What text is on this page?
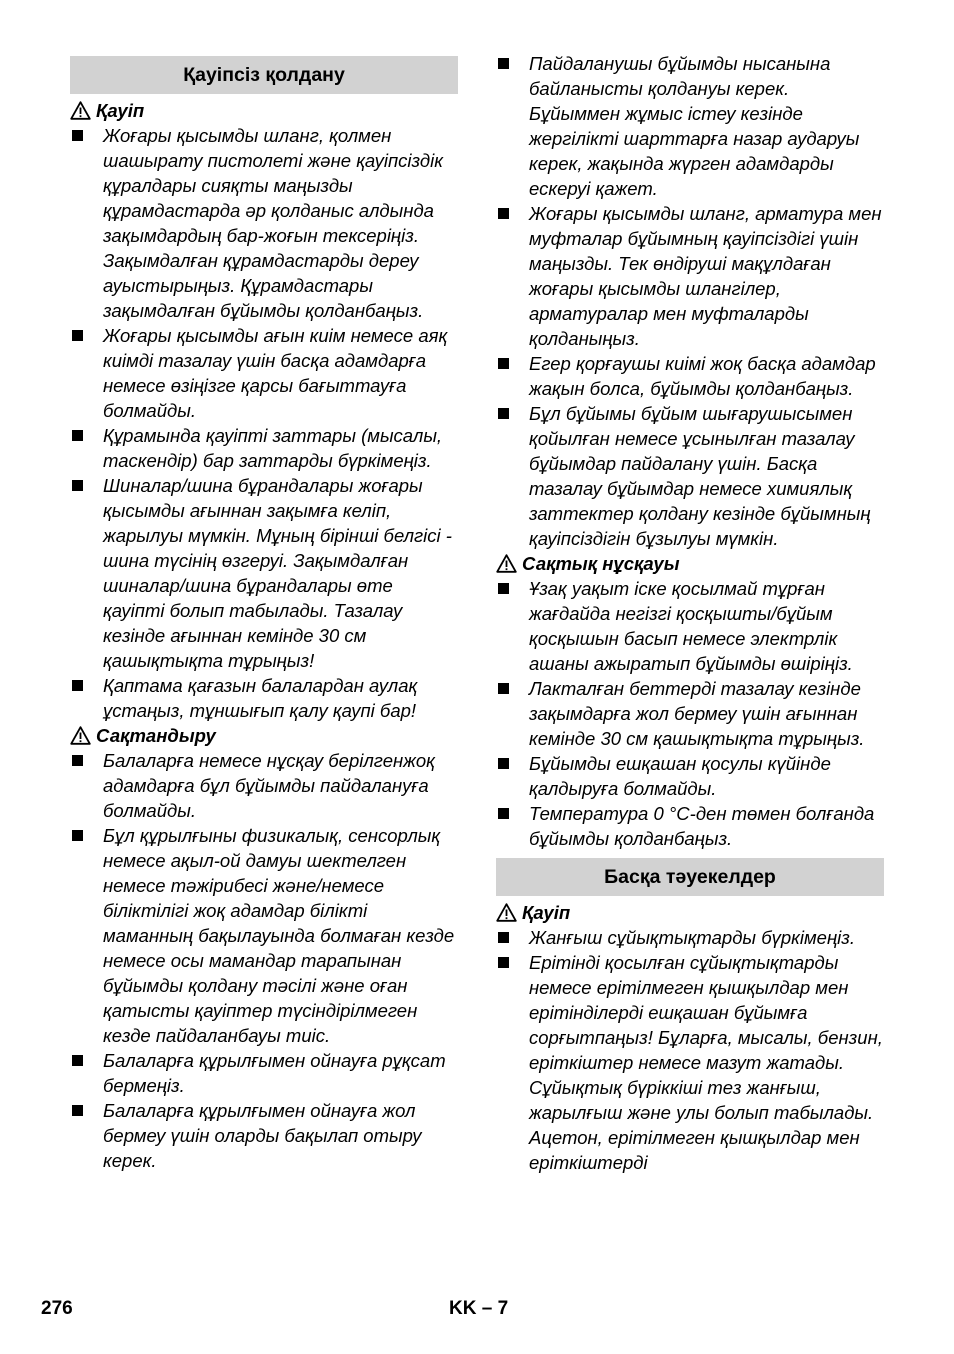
Қауіпсіз қолдану
Қауіп
Жоғары қысымды шланг, қолмен шашырату пистолеті және қауіпсіздік құралдары сияқты маңызды құрамдастарда әр қолданыс алдында зақымдардың бар-жоғын тексеріңіз. Зақымдалған құрамдастарды дереу ауыстырыңыз. Құрамдастары зақымдалған бұйымды қолданбаңыз.
Жоғары қысымды ағын киім немесе аяқ киімді тазалау үшін басқа адамдарға немесе өзіңізге қарсы бағыттауға болмайды.
Құрамында қауіпті заттары (мысалы, таскендір) бар заттарды бүркімеңіз.
Шиналар/шина бұрандалары жоғары қысымды ағыннан зақымға келіп, жарылуы мүмкін. Мұның бірінші белгісі - шина түсінің өзгеруі. Зақымдалған шиналар/шина бұрандалары өте қауіпті болып табылады. Тазалау кезінде ағыннан кемінде 30 см қашықтықта тұрыңыз!
Қаптама қағазын балалардан аулақ ұстаңыз, тұншығып қалу қаупі бар!
Сақтандыру
Балаларға немесе нұсқау берілгенжоқ адамдарға бұл бұйымды пайдалануға болмайды.
Бұл құрылғыны физикалық, сенсорлық немесе ақыл-ой дамуы шектелген немесе тәжірибесі және/немесе біліктілігі жоқ адамдар білікті маманның бақылауында болмаған кезде немесе осы мамандар тарапынан бұйымды қолдану тәсілі және оған қатысты қауіптер түсіндірілмеген кезде пайдаланбауы тиіс.
Балаларға құрылғымен ойнауға рұқсат бермеңіз.
Балаларға құрылғымен ойнауға жол бермеу үшін оларды бақылап отыру керек.
Пайдаланушы бұйымды нысанына байланысты қолдануы керек. Бұйыммен жұмыс істеу кезінде жергілікті шарттарға назар аударуы керек, жақында жүрген адамдарды ескеруі қажет.
Жоғары қысымды шланг, арматура мен муфталар бұйымның қауіпсіздігі үшін маңызды. Тек өндіруші мақұлдаған жоғары қысымды шлангілер, арматуралар мен муфталарды қолданыңыз.
Егер қорғаушы киімі жоқ басқа адамдар жақын болса, бұйымды қолданбаңыз.
Бұл бұйымы бұйым шығарушысымен қойылған немесе ұсынылған тазалау бұйымдар пайдалану үшін. Басқа тазалау бұйымдар немесе химиялық заттектер қолдану кезінде бұйымның қауіпсіздігін бұзылуы мүмкін.
Сақтық нұсқауы
Ұзақ уақыт іске қосылмай тұрған жағдайда негізгі қосқышты/бұйым қосқышын басып немесе электрлік ашаны ажыратып бұйымды өшіріңіз.
Лакталған беттерді тазалау кезінде зақымдарға жол бермеу үшін ағыннан кемінде 30 см қашықтықта тұрыңыз.
Бұйымды ешқашан қосулы күйінде қалдыруға болмайды.
Температура 0 °C-ден төмен болғанда бұйымды қолданбаңыз.
Басқа тәуекелдер
Қауіп
Жанғыш сұйықтықтарды бүркімеңіз.
Ерітінді қосылған сұйықтықтарды немесе ерітілмеген қышқылдар мен ерітінділерді ешқашан бұйымға сорғытпаңыз! Бұларға, мысалы, бензин, еріткіштер немесе мазут жатады. Сұйықтық бүріккіші тез жанғыш, жарылғыш және улы болып табылады. Ацетон, ерітілмеген қышқылдар мен еріткіштерді
276	KK – 7
